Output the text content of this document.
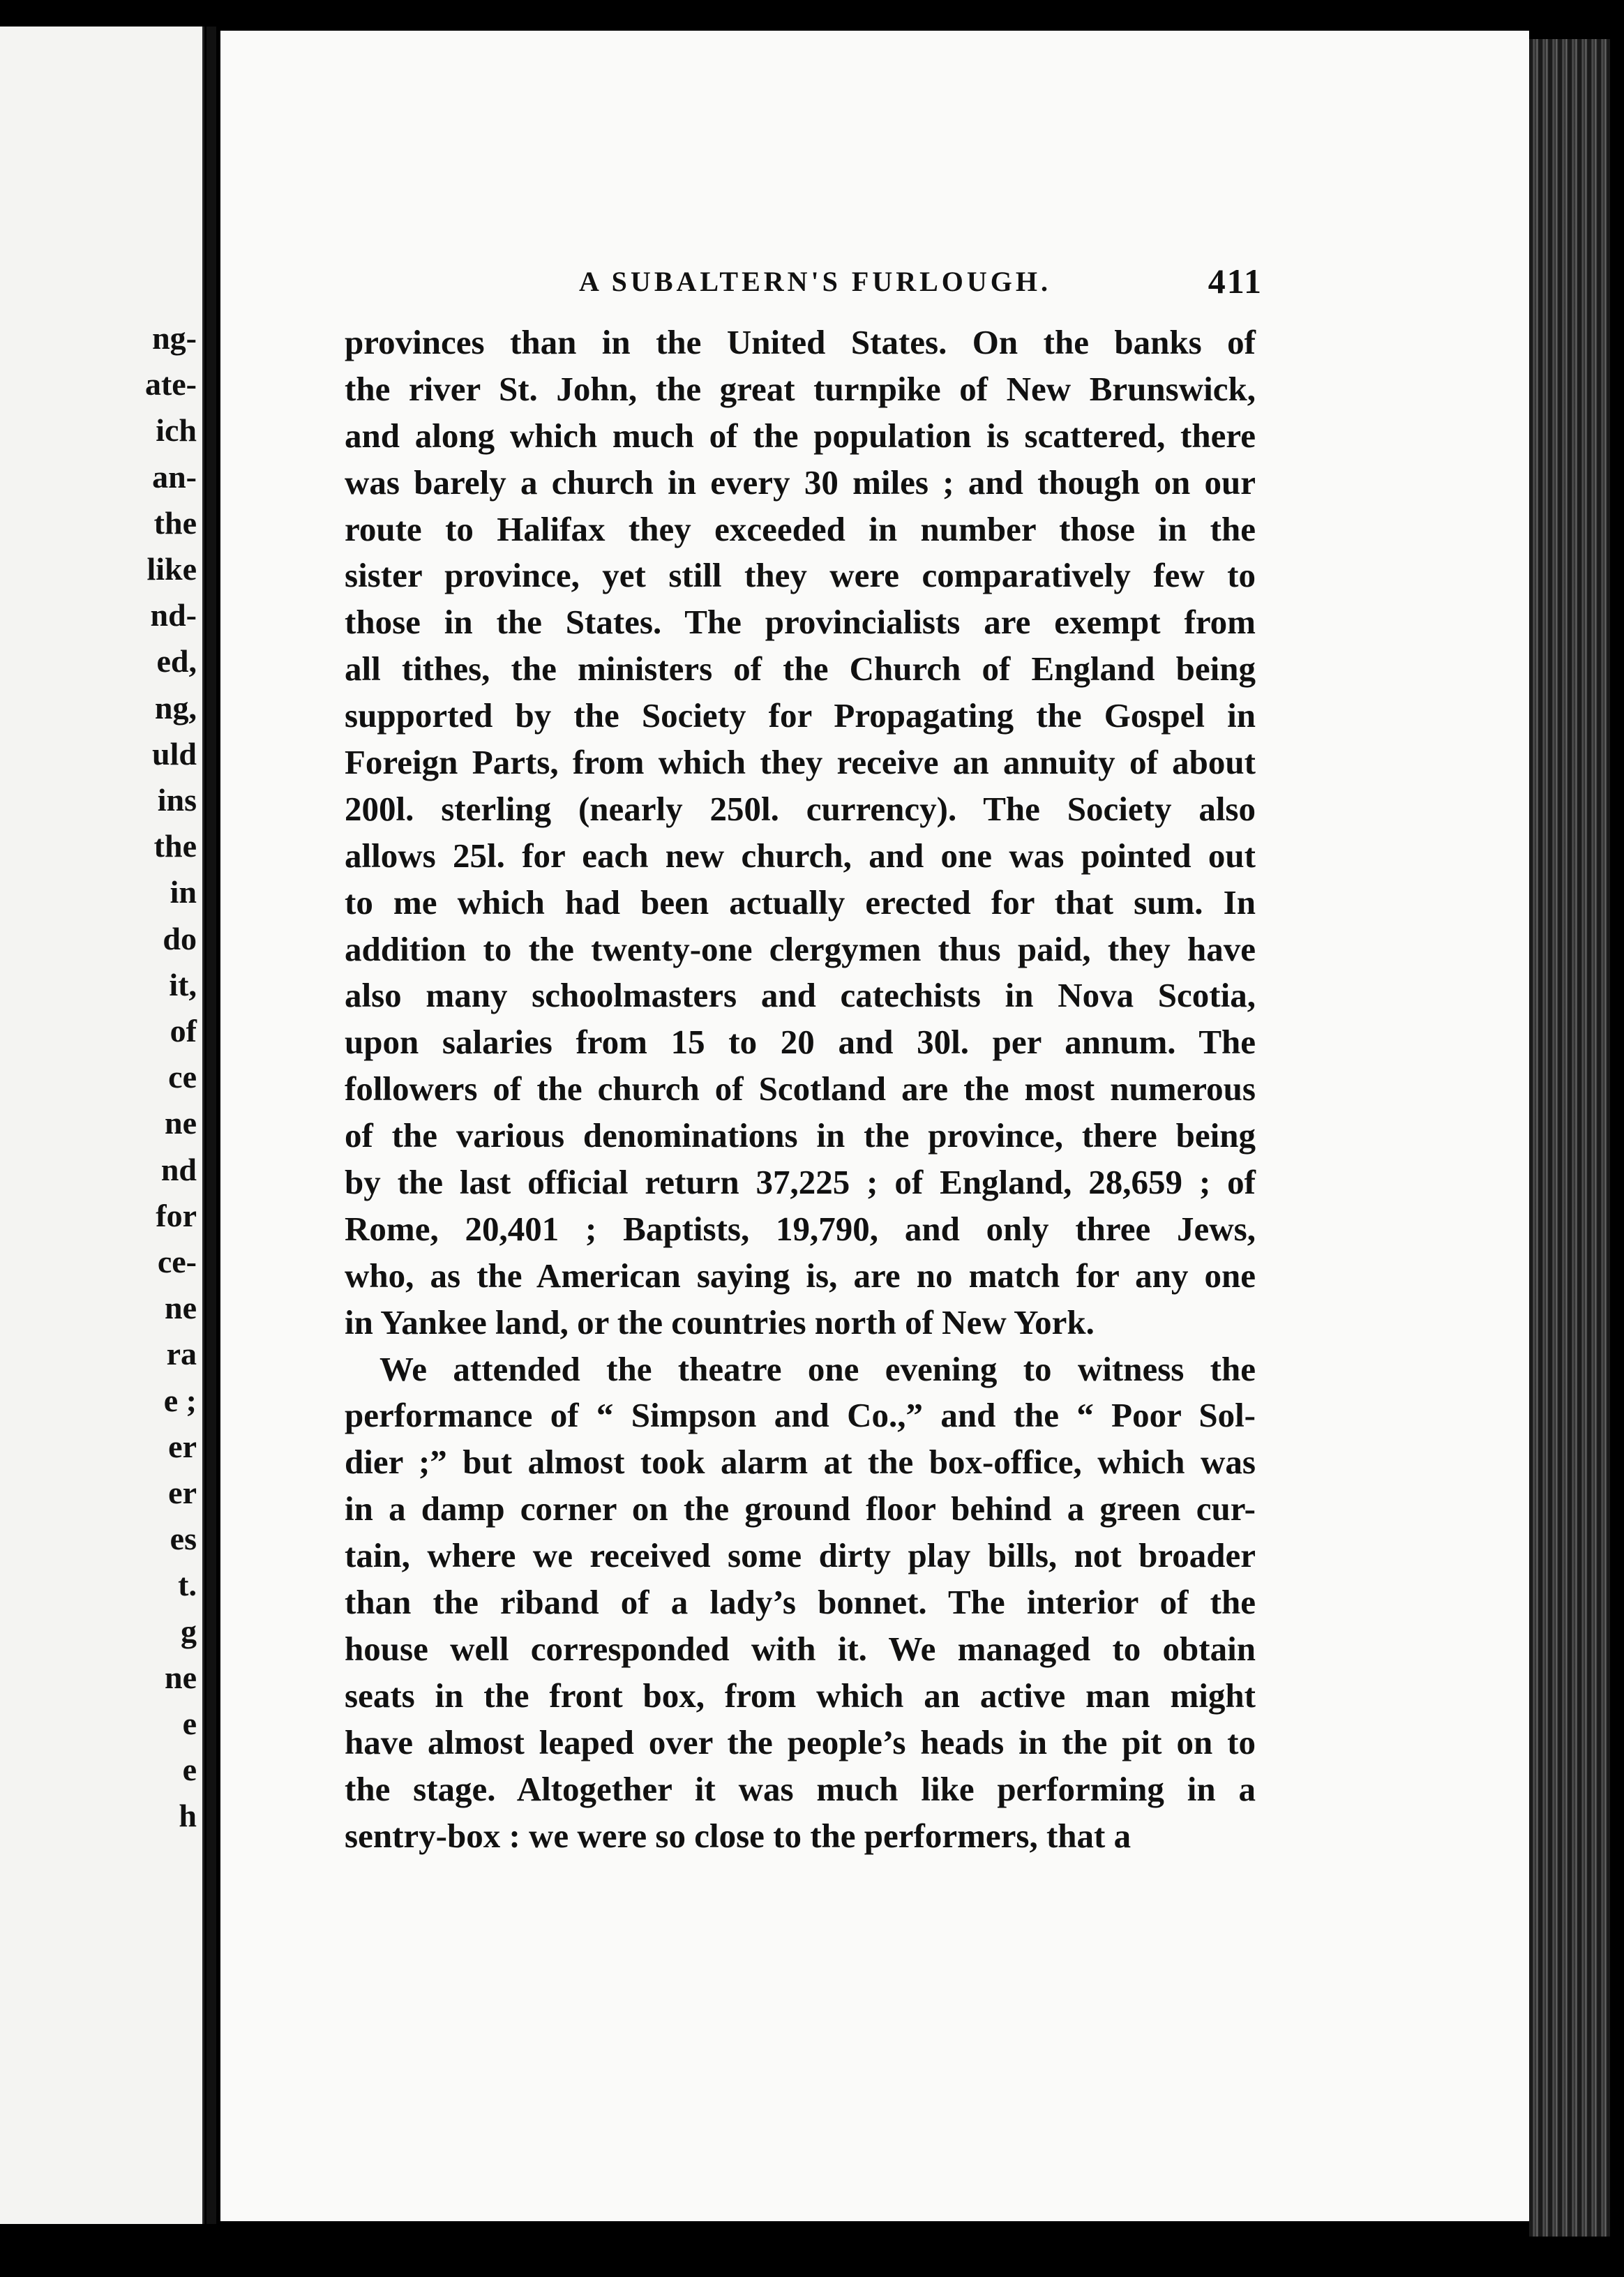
ng-
ate-
ich
an-
the
like
nd-
ed,
ng,
uld
ins
the
in
do
it,
of
ce
ne
nd
for
ce-
ne
ra
e ;
er
er
es
t.
g
ne
e
e
h
A SUBALTERN'S FURLOUGH.	411
provinces than in the United States. On the banks of
the river St. John, the great turnpike of New Brunswick,
and along which much of the population is scattered, there
was barely a church in every 30 miles ; and though on our
route to Halifax they exceeded in number those in the
sister province, yet still they were comparatively few to
those in the States. The provincialists are exempt from
all tithes, the ministers of the Church of England being
supported by the Society for Propagating the Gospel in
Foreign Parts, from which they receive an annuity of about
200l. sterling (nearly 250l. currency). The Society also
allows 25l. for each new church, and one was pointed out
to me which had been actually erected for that sum. In
addition to the twenty-one clergymen thus paid, they have
also many schoolmasters and catechists in Nova Scotia,
upon salaries from 15 to 20 and 30l. per annum. The
followers of the church of Scotland are the most numerous
of the various denominations in the province, there being
by the last official return 37,225 ; of England, 28,659 ; of
Rome, 20,401 ; Baptists, 19,790, and only three Jews,
who, as the American saying is, are no match for any one
in Yankee land, or the countries north of New York.
We attended the theatre one evening to witness the
performance of “ Simpson and Co.,” and the “ Poor Sol-
dier ;” but almost took alarm at the box-office, which was
in a damp corner on the ground floor behind a green cur-
tain, where we received some dirty play bills, not broader
than the riband of a lady’s bonnet. The interior of the
house well corresponded with it. We managed to obtain
seats in the front box, from which an active man might
have almost leaped over the people’s heads in the pit on to
the stage. Altogether it was much like performing in a
sentry-box : we were so close to the performers, that a
